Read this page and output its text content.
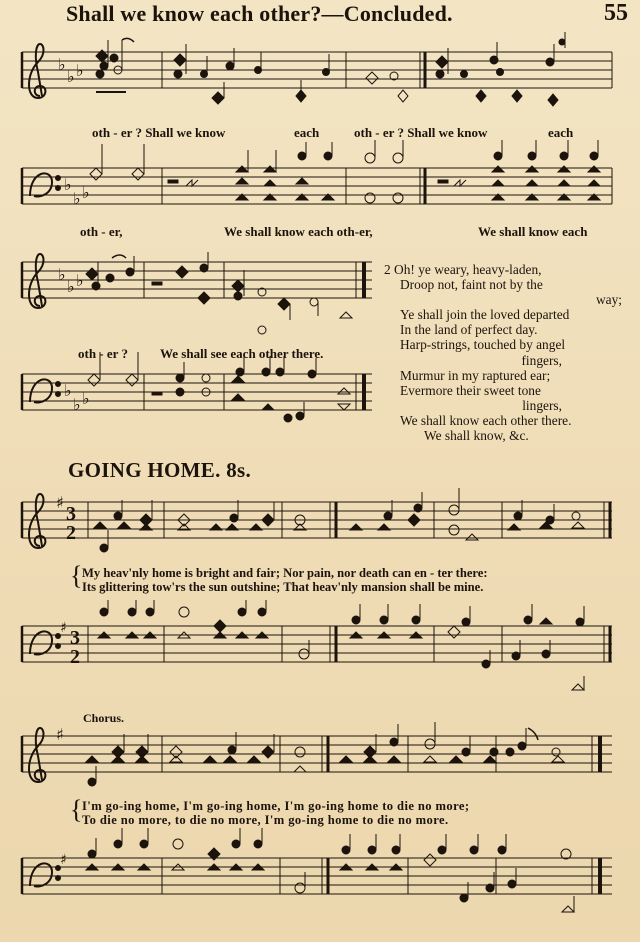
Shall we know each other?—Concluded.	55
♭
♭ ♭
♭
♭ ♭
oth - er ? Shall we know	each	oth - er ? Shall we know	each
oth - er,	We shall know each oth-er,	We shall know each
♭
♭ ♭
♭
♭ ♭
oth - er ? We shall see each other there.
2 Oh! ye weary, heavy-laden,
Droop not, faint not by the
way;
Ye shall join the loved departed
In the land of perfect day.
Harp-strings, touched by angel
fingers,
Murmur in my raptured ear;
Evermore their sweet tone
lingers,
We shall know each other there.
We shall know, &c.
GOING HOME. 8s.
♯
3
2
♯ 3
2
{ My heav'nly home is bright and fair; Nor pain, nor death can en - ter there:
Its glittering tow'rs the sun outshine; That heav'nly mansion shall be mine.
♯
♯
Chorus.
{ I'm go-ing home, I'm go-ing home, I'm go-ing home to die no more;
To die no more, to die no more, I'm go-ing home to die no more.
